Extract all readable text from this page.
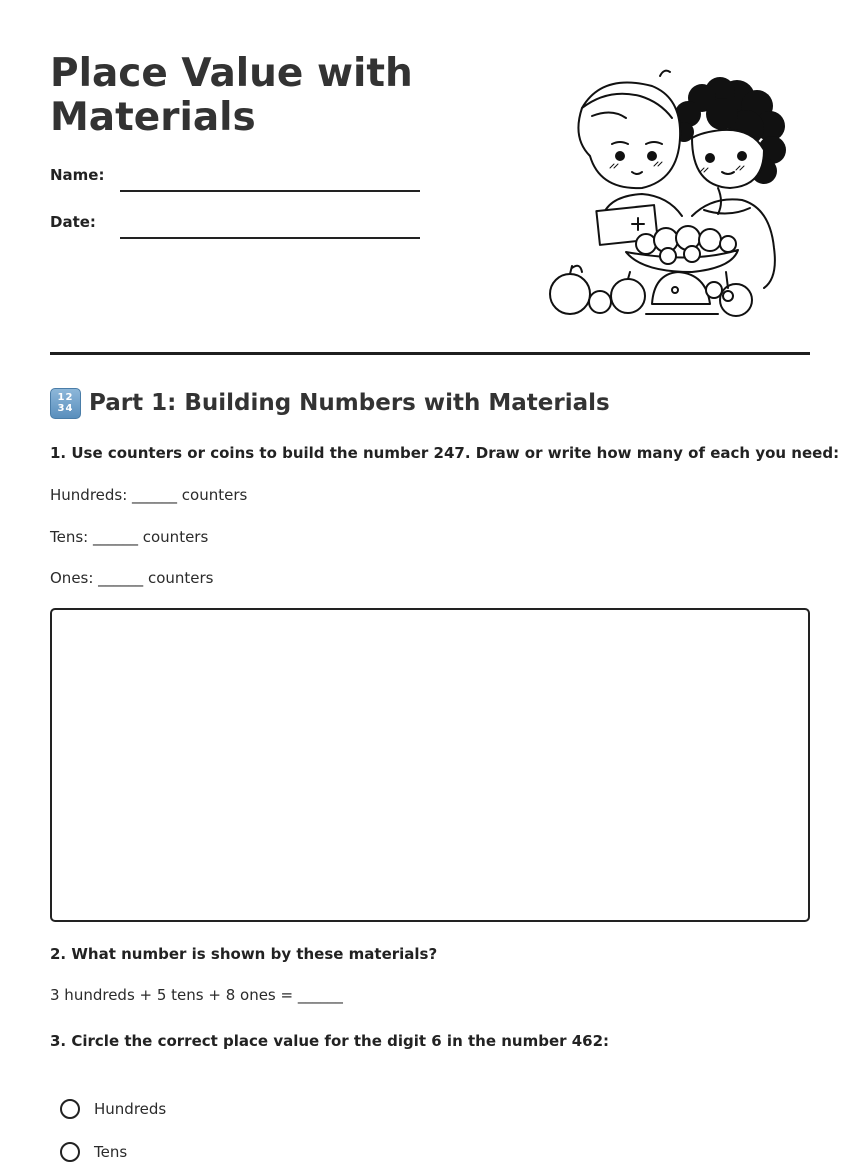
Place Value with Materials
Name:
Date:
12
34 Part 1: Building Numbers with Materials

1. Use counters or coins to build the number 247. Draw or write how many of each you need:

Hundreds: ______ counters

Tens: ______ counters

Ones: ______ counters

2. What number is shown by these materials?

3 hundreds + 5 tens + 8 ones = ______

3. Circle the correct place value for the digit 6 in the number 462:

Hundreds
Tens
